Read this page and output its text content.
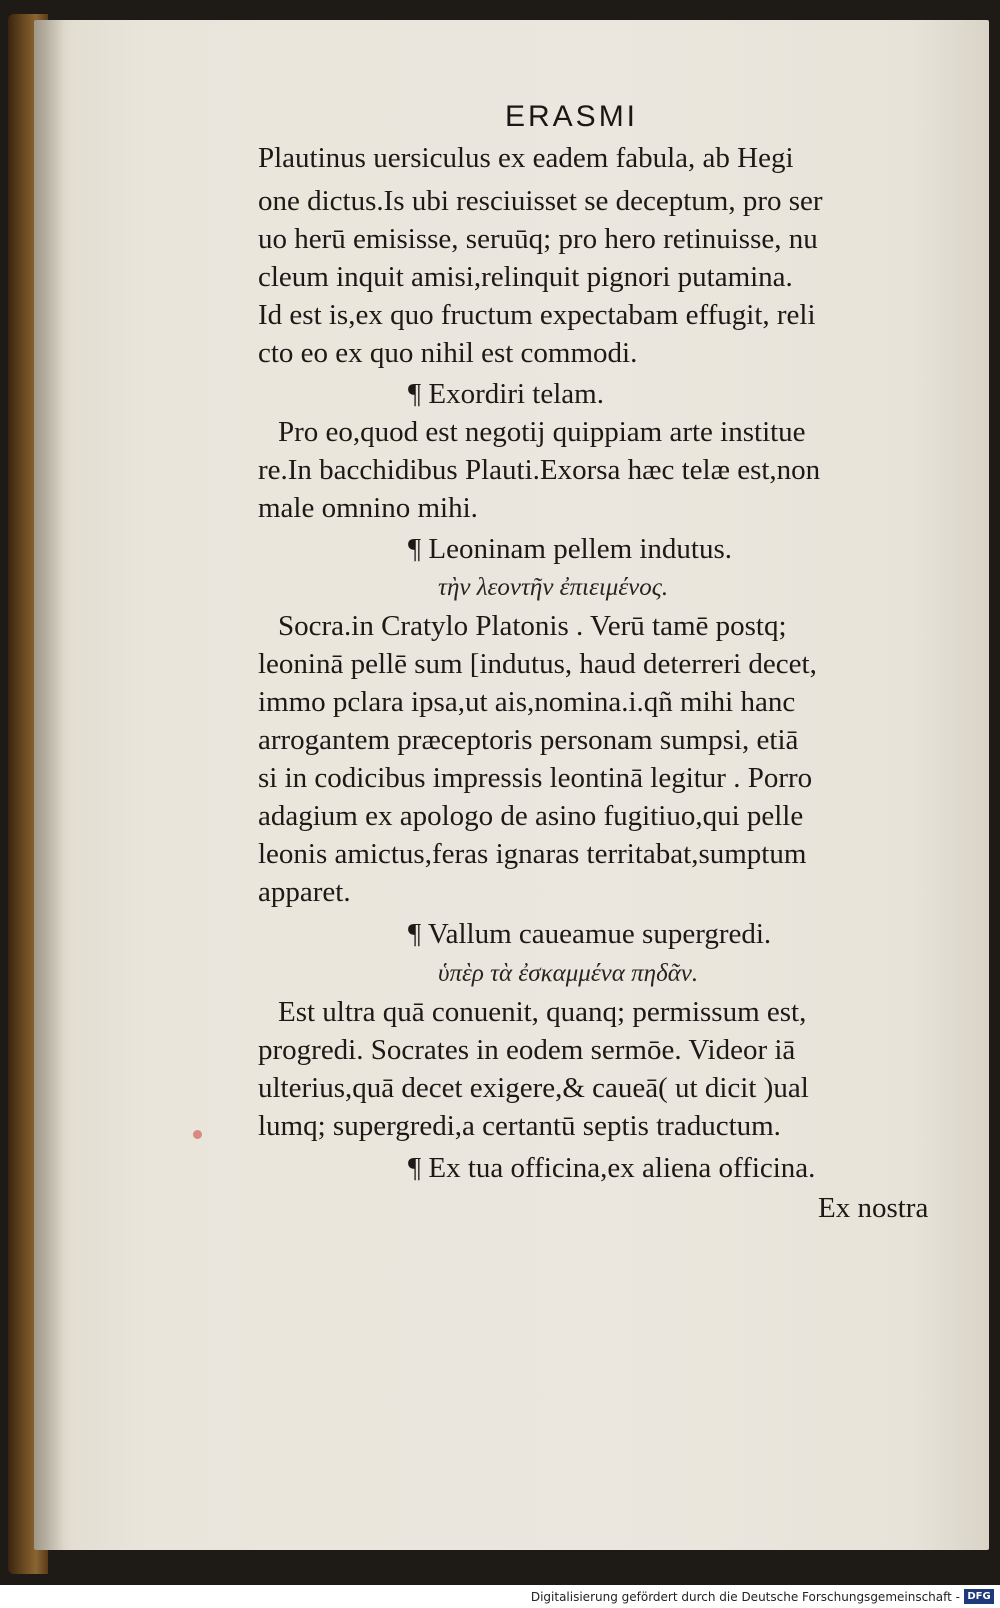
ERASMI
Plautinus uersiculus ex eadem fabula, ab Hegi
one dictus.Is ubi resciuisset se deceptum, pro ser
uo herū emisisse, seruūq; pro hero retinuisse, nu
cleum inquit amisi,relinquit pignori putamina.
Id est is,ex quo fructum expectabam effugit, reli
cto eo ex quo nihil est commodi.
¶ Exordiri telam.
Pro eo,quod est negotij quippiam arte institue
re.In bacchidibus Plauti.Exorsa hæc telæ est,non
male omnino mihi.
¶ Leoninam pellem indutus.
τὴν λεοντῆν ἐπιειμένος.
Socra.in Cratylo Platonis . Verū tamē postq;
leoninā pellē sum [indutus, haud deterreri decet,
immo pclara ipsa,ut ais,nomina.i.qñ mihi hanc
arrogantem præceptoris personam sumpsi, etiā
si in codicibus impressis leontinā legitur . Porro
adagium ex apologo de asino fugitiuo,qui pelle
leonis amictus,feras ignaras territabat,sumptum
apparet.
¶ Vallum caueamue supergredi.
ὑπὲρ τὰ ἐσκαμμένα πηδᾶν.
Est ultra quā conuenit, quanq; permissum est,
progredi. Socrates in eodem sermōe. Videor iā
ulterius,quā decet exigere,& caueā( ut dicit )ual
lumq; supergredi,a certantū septis traductum.
¶ Ex tua officina,ex aliena officina.
Ex nostra
Digitalisierung gefördert durch die Deutsche Forschungsgemeinschaft - DFG
